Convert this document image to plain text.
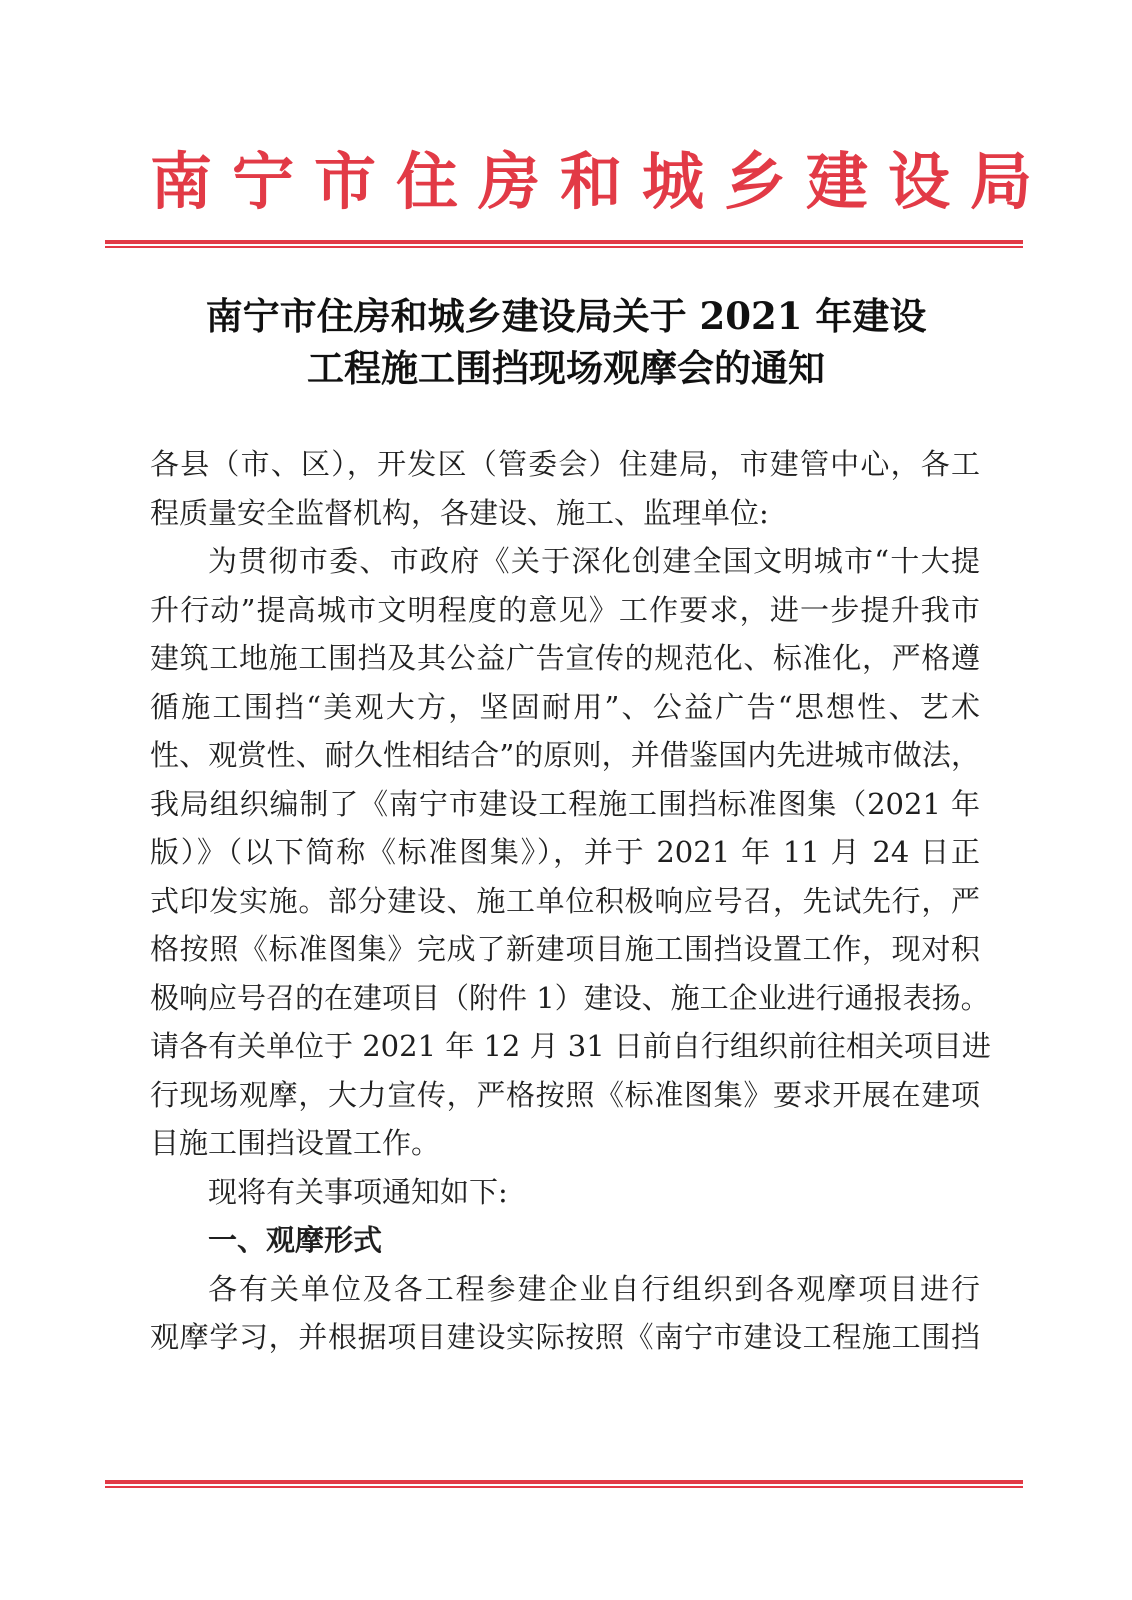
南宁市住房和城乡建设局
南宁市住房和城乡建设局关于 2021 年建设
工程施工围挡现场观摩会的通知
各县（市、区），开发区（管委会）住建局，市建管中心，各工
程质量安全监督机构，各建设、施工、监理单位:
为贯彻市委、市政府《关于深化创建全国文明城市“十大提
升行动”提高城市文明程度的意见》工作要求，进一步提升我市
建筑工地施工围挡及其公益广告宣传的规范化、标准化，严格遵
循施工围挡“美观大方，坚固耐用”、公益广告“思想性、艺术
性、观赏性、耐久性相结合”的原则，并借鉴国内先进城市做法，
我局组织编制了《南宁市建设工程施工围挡标准图集（2021 年
版）》（以下简称《标准图集》），并于 2021 年 11 月 24 日正
式印发实施。部分建设、施工单位积极响应号召，先试先行，严
格按照《标准图集》完成了新建项目施工围挡设置工作，现对积
极响应号召的在建项目（附件 1）建设、施工企业进行通报表扬。
请各有关单位于 2021 年 12 月 31 日前自行组织前往相关项目进
行现场观摩，大力宣传，严格按照《标准图集》要求开展在建项
目施工围挡设置工作。
现将有关事项通知如下:
一、观摩形式
各有关单位及各工程参建企业自行组织到各观摩项目进行
观摩学习，并根据项目建设实际按照《南宁市建设工程施工围挡
